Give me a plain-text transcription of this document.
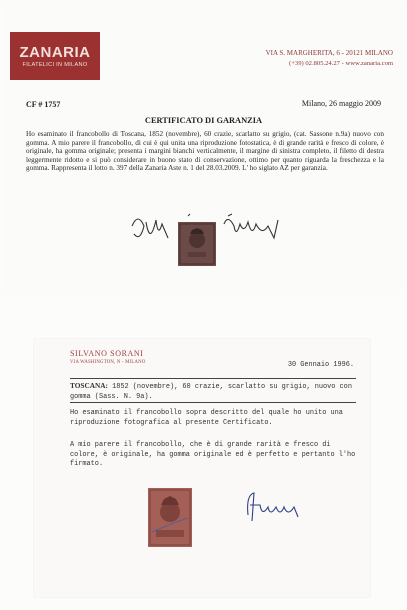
ZANARIA
FILATELICI IN MILANO
VIA S. MARGHERITA, 6 - 20121 MILANO
(+39) 02.805.24.27 - www.zanaria.com
CF # 1757	Milano, 26 maggio 2009
CERTIFICATO DI GARANZIA

Ho esaminato il francobollo di Toscana, 1852 (novembre), 60 crazie, scarlatto su grigio, (cat. Sassone n.9a) nuovo con gomma. A mio parere il francobollo, di cui è qui unita una riproduzione fotostatica, è di grande rarità e fresco di colore, è originale, ha gomma originale; presenta i margini bianchi verticalmente, il margine di sinistra completo, il filetto di destra leggermente ridotto e si può considerare in buono stato di conservazione, ottimo per quanto riguarda la freschezza e la gomma. Rappresenta il lotto n. 397 della Zanaria Aste n. 1 del 28.03.2009. L' ho siglato AZ per garanzia.

SILVANO SORANI
VIA WASHINGTON, N - MILANO	30 Gennaio 1996.

TOSCANA: 1852 (novembre), 60 crazie, scarlatto su grigio, nuovo con
gomma (Sass. N. 9a).

Ho esaminato il francobollo sopra descritto del quale ho unito una riproduzione fotografica al presente Certificato.

A mio parere il francobollo, che è di grande rarità e fresco di colore, è originale, ha gomma originale ed è perfetto e pertanto l'ho firmato.
